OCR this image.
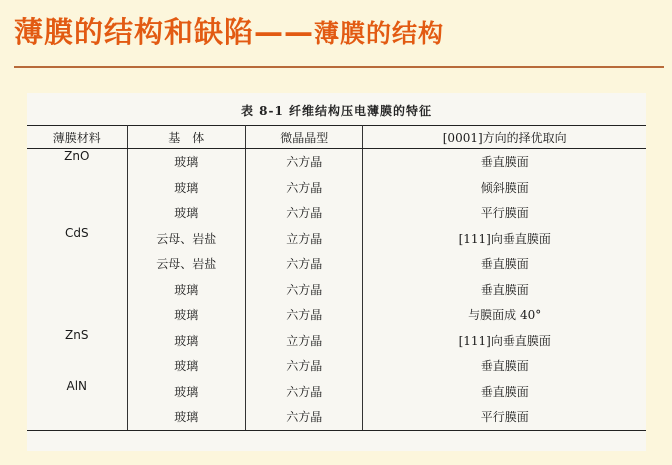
薄膜的结构和缺陷——薄膜的结构
表 8-1 纤维结构压电薄膜的特征
薄膜材料	基　体	微晶晶型	[0001]方向的择优取向
ZnO	玻璃	六方晶	垂直膜面
	玻璃	六方晶	倾斜膜面
	玻璃	六方晶	平行膜面
CdS	云母、岩盐	立方晶	[111]向垂直膜面
	云母、岩盐	六方晶	垂直膜面
	玻璃	六方晶	垂直膜面
	玻璃	六方晶	与膜面成 40°
ZnS	玻璃	立方晶	[111]向垂直膜面
	玻璃	六方晶	垂直膜面
AlN	玻璃	六方晶	垂直膜面
	玻璃	六方晶	平行膜面
